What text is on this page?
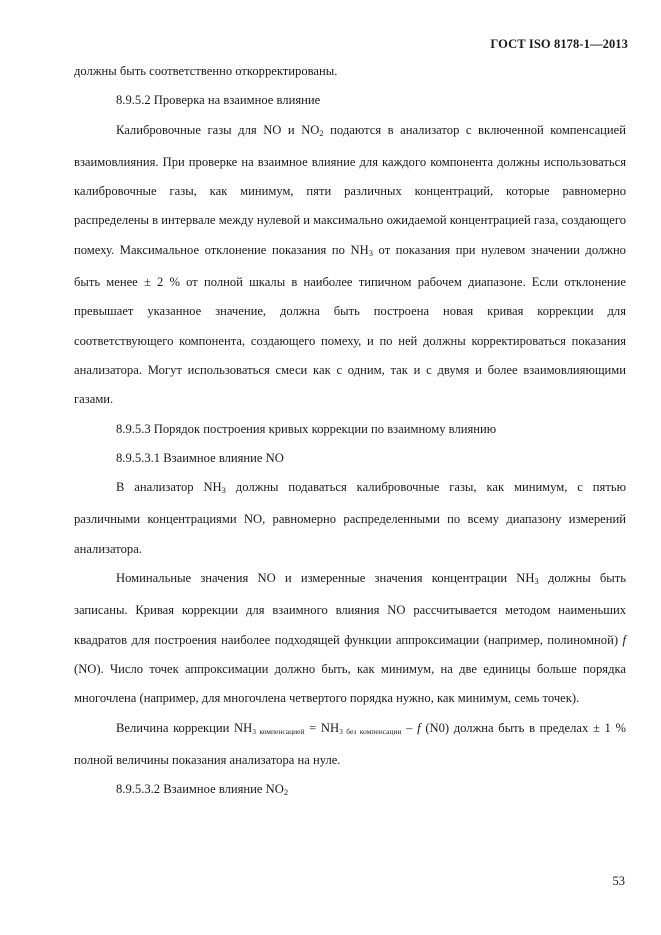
ГОСТ ISO 8178-1—2013

должны быть соответственно откорректированы.

8.9.5.2 Проверка на взаимное влияние

Калибровочные газы для NO и $NO_2$ подаются в анализатор с включенной компенсацией взаимовлияния. При проверке на взаимное влияние для каждого компонента должны использоваться калибровочные газы, как минимум, пяти различных концентраций, которые равномерно распределены в интервале между нулевой и максимально ожидаемой концентрацией газа, создающего помеху. Максимальное отклонение показания по $NH_3$ от показания при нулевом значении должно быть менее ± 2 % от полной шкалы в наиболее типичном рабочем диапазоне. Если отклонение превышает указанное значение, должна быть построена новая кривая коррекции для соответствующего компонента, создающего помеху, и по ней должны корректироваться показания анализатора. Могут использоваться смеси как с одним, так и с двумя и более взаимовлияющими газами.

8.9.5.3 Порядок построения кривых коррекции по взаимному влиянию

8.9.5.3.1 Взаимное влияние NO

В анализатор $NH_3$ должны подаваться калибровочные газы, как минимум, с пятью различными концентрациями NO, равномерно распределенными по всему диапазону измерений анализатора.

Номинальные значения NO и измеренные значения концентрации $NH_3$ должны быть записаны. Кривая коррекции для взаимного влияния NO рассчитывается методом наименьших квадратов для построения наиболее подходящей функции аппроксимации (например, полиномной) f (NO). Число точек аппроксимации должно быть, как минимум, на две единицы больше порядка многочлена (например, для многочлена четвертого порядка нужно, как минимум, семь точек).

Величина коррекции NH3 компенсацией = NH3 без компенсации – f (N0) должна быть в пределах ± 1 % полной величины показания анализатора на нуле.

8.9.5.3.2 Взаимное влияние $NO_2$

53
